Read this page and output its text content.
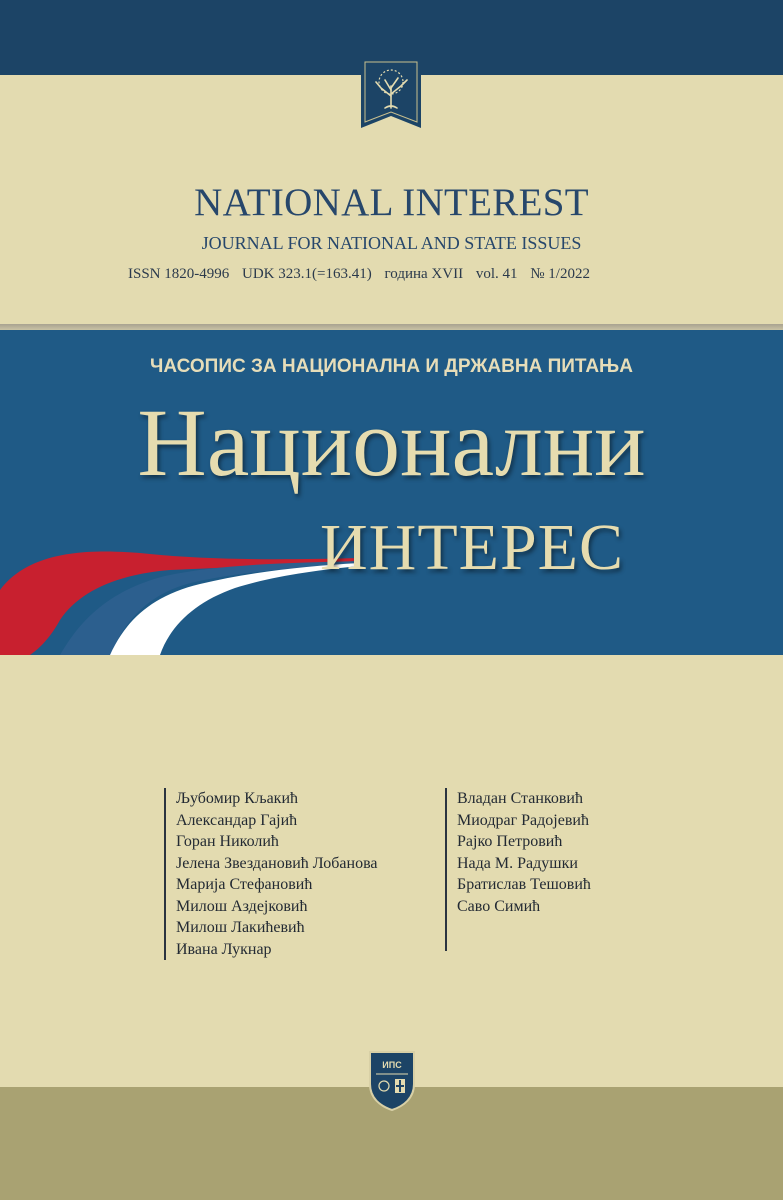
NATIONAL INTEREST
JOURNAL FOR NATIONAL AND STATE ISSUES
ISSN 1820-4996 UDK 323.1(=163.41) година XVII vol. 41 № 1/2022
ЧАСОПИС ЗА НАЦИОНАЛНА И ДРЖАВНА ПИТАЊА
Национални
ИНТЕРЕС
Љубомир Кљакић
Александар Гајић
Горан Николић
Јелена Звездановић Лобанова
Марија Стефановић
Милош Аздејковић
Милош Лакићевић
Ивана Лукнар
Владан Станковић
Миодраг Радојевић
Рајко Петровић
Нада М. Радушки
Братислав Тешовић
Саво Симић
ИПС
